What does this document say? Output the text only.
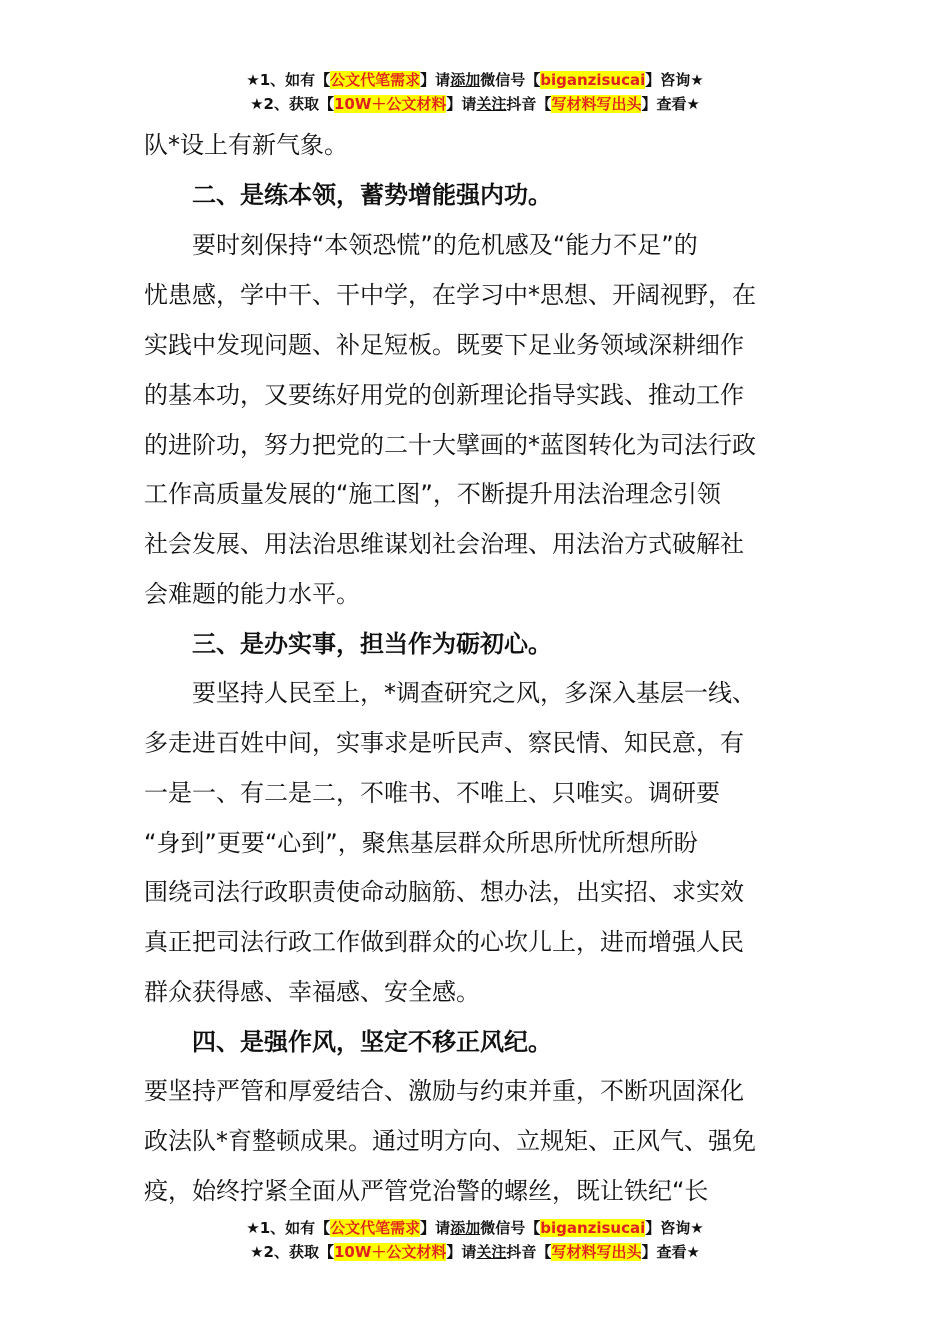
★1、如有【公文代笔需求】请添加微信号【biganzisucai】咨询★
★2、获取【10W＋公文材料】请关注抖音【写材料写出头】查看★
队*设上有新气象。
二、是练本领，蓄势增能强内功。
要时刻保持“本领恐慌”的危机感及“能力不足”的
忧患感，学中干、干中学，在学习中*思想、开阔视野，在
实践中发现问题、补足短板。既要下足业务领域深耕细作
的基本功，又要练好用党的创新理论指导实践、推动工作
的进阶功，努力把党的二十大擘画的*蓝图转化为司法行政
工作高质量发展的“施工图”，不断提升用法治理念引领
社会发展、用法治思维谋划社会治理、用法治方式破解社
会难题的能力水平。
三、是办实事，担当作为砺初心。
要坚持人民至上，*调查研究之风，多深入基层一线、
多走进百姓中间，实事求是听民声、察民情、知民意，有
一是一、有二是二，不唯书、不唯上、只唯实。调研要
“身到”更要“心到”，聚焦基层群众所思所忧所想所盼
围绕司法行政职责使命动脑筋、想办法，出实招、求实效
真正把司法行政工作做到群众的心坎儿上，进而增强人民
群众获得感、幸福感、安全感。
四、是强作风，坚定不移正风纪。
要坚持严管和厚爱结合、激励与约束并重，不断巩固深化
政法队*育整顿成果。通过明方向、立规矩、正风气、强免
疫，始终拧紧全面从严管党治警的螺丝，既让铁纪“长
★1、如有【公文代笔需求】请添加微信号【biganzisucai】咨询★
★2、获取【10W＋公文材料】请关注抖音【写材料写出头】查看★
